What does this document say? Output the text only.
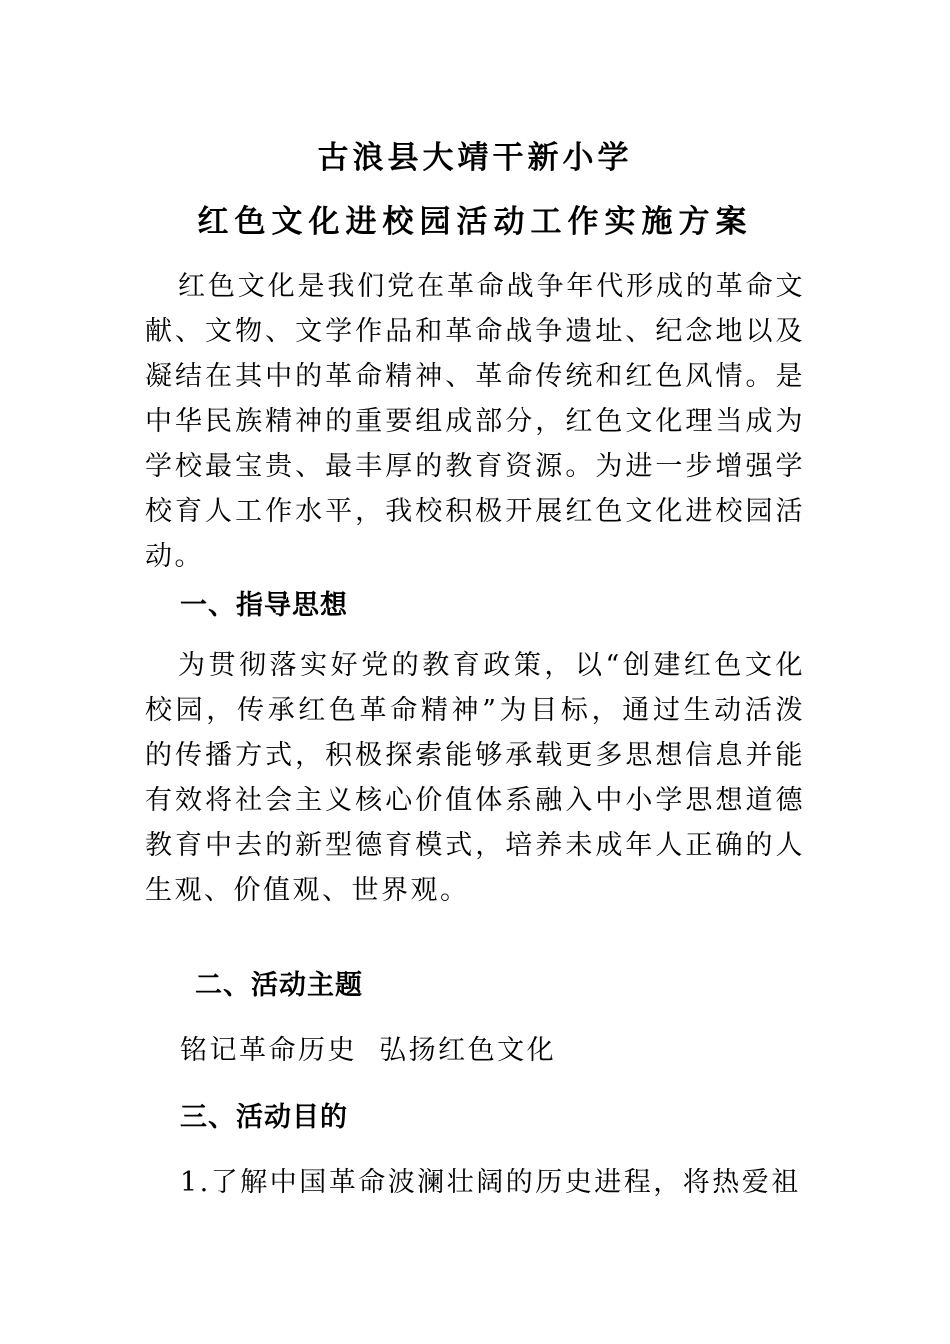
古浪县大靖干新小学
红色文化进校园活动工作实施方案

红色文化是我们党在革命战争年代形成的革命文献、文物、文学作品和革命战争遗址、纪念地以及凝结在其中的革命精神、革命传统和红色风情。是中华民族精神的重要组成部分，红色文化理当成为学校最宝贵、最丰厚的教育资源。为进一步增强学校育人工作水平，我校积极开展红色文化进校园活动。

一、指导思想

为贯彻落实好党的教育政策，以“创建红色文化校园，传承红色革命精神”为目标，通过生动活泼的传播方式，积极探索能够承载更多思想信息并能有效将社会主义核心价值体系融入中小学思想道德教育中去的新型德育模式，培养未成年人正确的人生观、价值观、世界观。

二、活动主题
铭记革命历史  弘扬红色文化
三、活动目的
1.了解中国革命波澜壮阔的历史进程，将热爱祖
